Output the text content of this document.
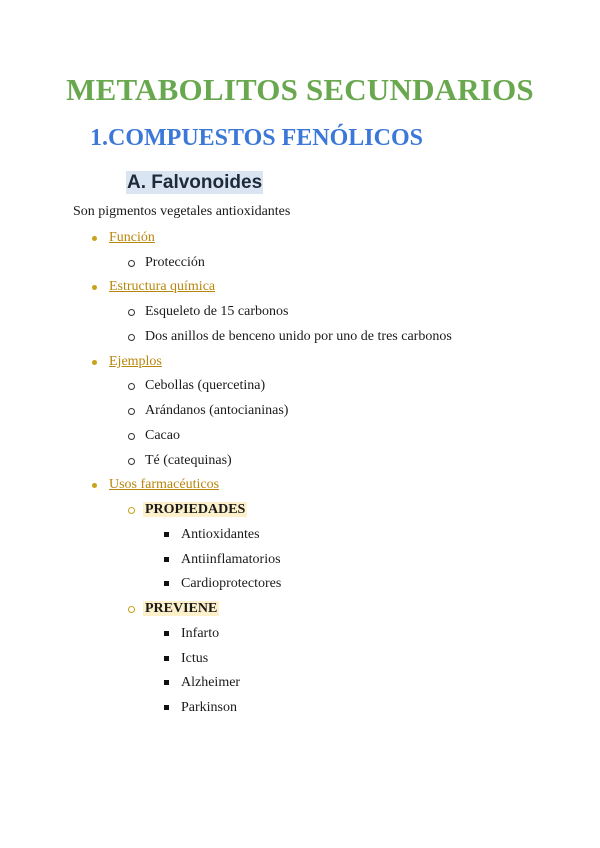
METABOLITOS SECUNDARIOS
1.COMPUESTOS FENÓLICOS
A. Falvonoides

Son pigmentos vegetales antioxidantes

Función
Protección
Estructura química
Esqueleto de 15 carbonos
Dos anillos de benceno unido por uno de tres carbonos
Ejemplos
Cebollas (quercetina)
Arándanos (antocianinas)
Cacao
Té (catequinas)
Usos farmacéuticos
PROPIEDADES
Antioxidantes
Antiinflamatorios
Cardioprotectores
PREVIENE
Infarto
Ictus
Alzheimer
Parkinson
